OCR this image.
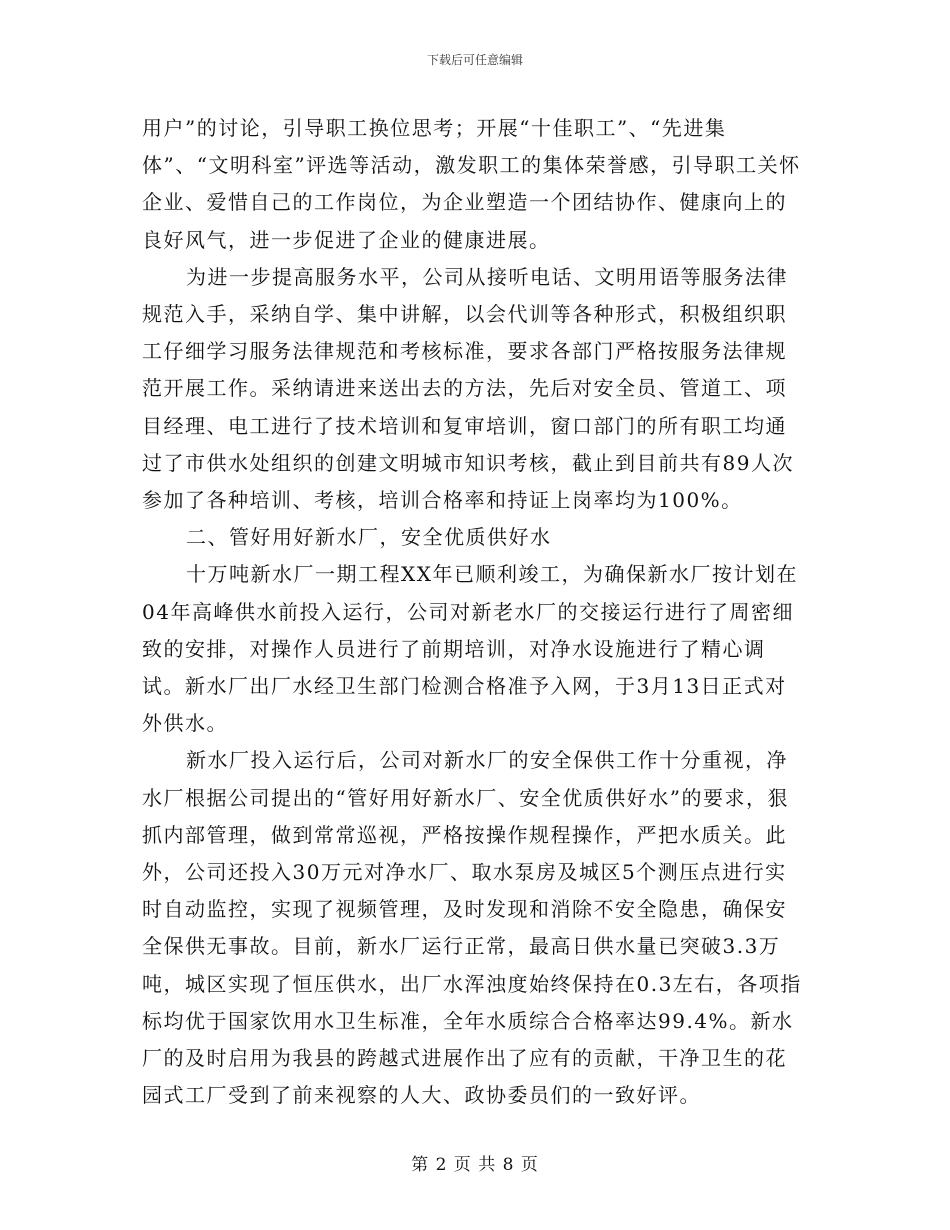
下载后可任意编辑

用户”的讨论，引导职工换位思考；开展“十佳职工”、“先进集体”、“文明科室”评选等活动，激发职工的集体荣誉感，引导职工关怀企业、爱惜自己的工作岗位，为企业塑造一个团结协作、健康向上的良好风气，进一步促进了企业的健康进展。

为进一步提高服务水平，公司从接听电话、文明用语等服务法律规范入手，采纳自学、集中讲解，以会代训等各种形式，积极组织职工仔细学习服务法律规范和考核标准，要求各部门严格按服务法律规范开展工作。采纳请进来送出去的方法，先后对安全员、管道工、项目经理、电工进行了技术培训和复审培训，窗口部门的所有职工均通过了市供水处组织的创建文明城市知识考核，截止到目前共有89人次参加了各种培训、考核，培训合格率和持证上岗率均为100%。

二、管好用好新水厂，安全优质供好水

十万吨新水厂一期工程XX年已顺利竣工，为确保新水厂按计划在04年高峰供水前投入运行，公司对新老水厂的交接运行进行了周密细致的安排，对操作人员进行了前期培训，对净水设施进行了精心调试。新水厂出厂水经卫生部门检测合格准予入网，于3月13日正式对外供水。

新水厂投入运行后，公司对新水厂的安全保供工作十分重视，净水厂根据公司提出的“管好用好新水厂、安全优质供好水”的要求，狠抓内部管理，做到常常巡视，严格按操作规程操作，严把水质关。此外，公司还投入30万元对净水厂、取水泵房及城区5个测压点进行实时自动监控，实现了视频管理，及时发现和消除不安全隐患，确保安全保供无事故。目前，新水厂运行正常，最高日供水量已突破3.3万吨，城区实现了恒压供水，出厂水浑浊度始终保持在0.3左右，各项指标均优于国家饮用水卫生标准，全年水质综合合格率达99.4%。新水厂的及时启用为我县的跨越式进展作出了应有的贡献，干净卫生的花园式工厂受到了前来视察的人大、政协委员们的一致好评。

第 2 页 共 8 页
